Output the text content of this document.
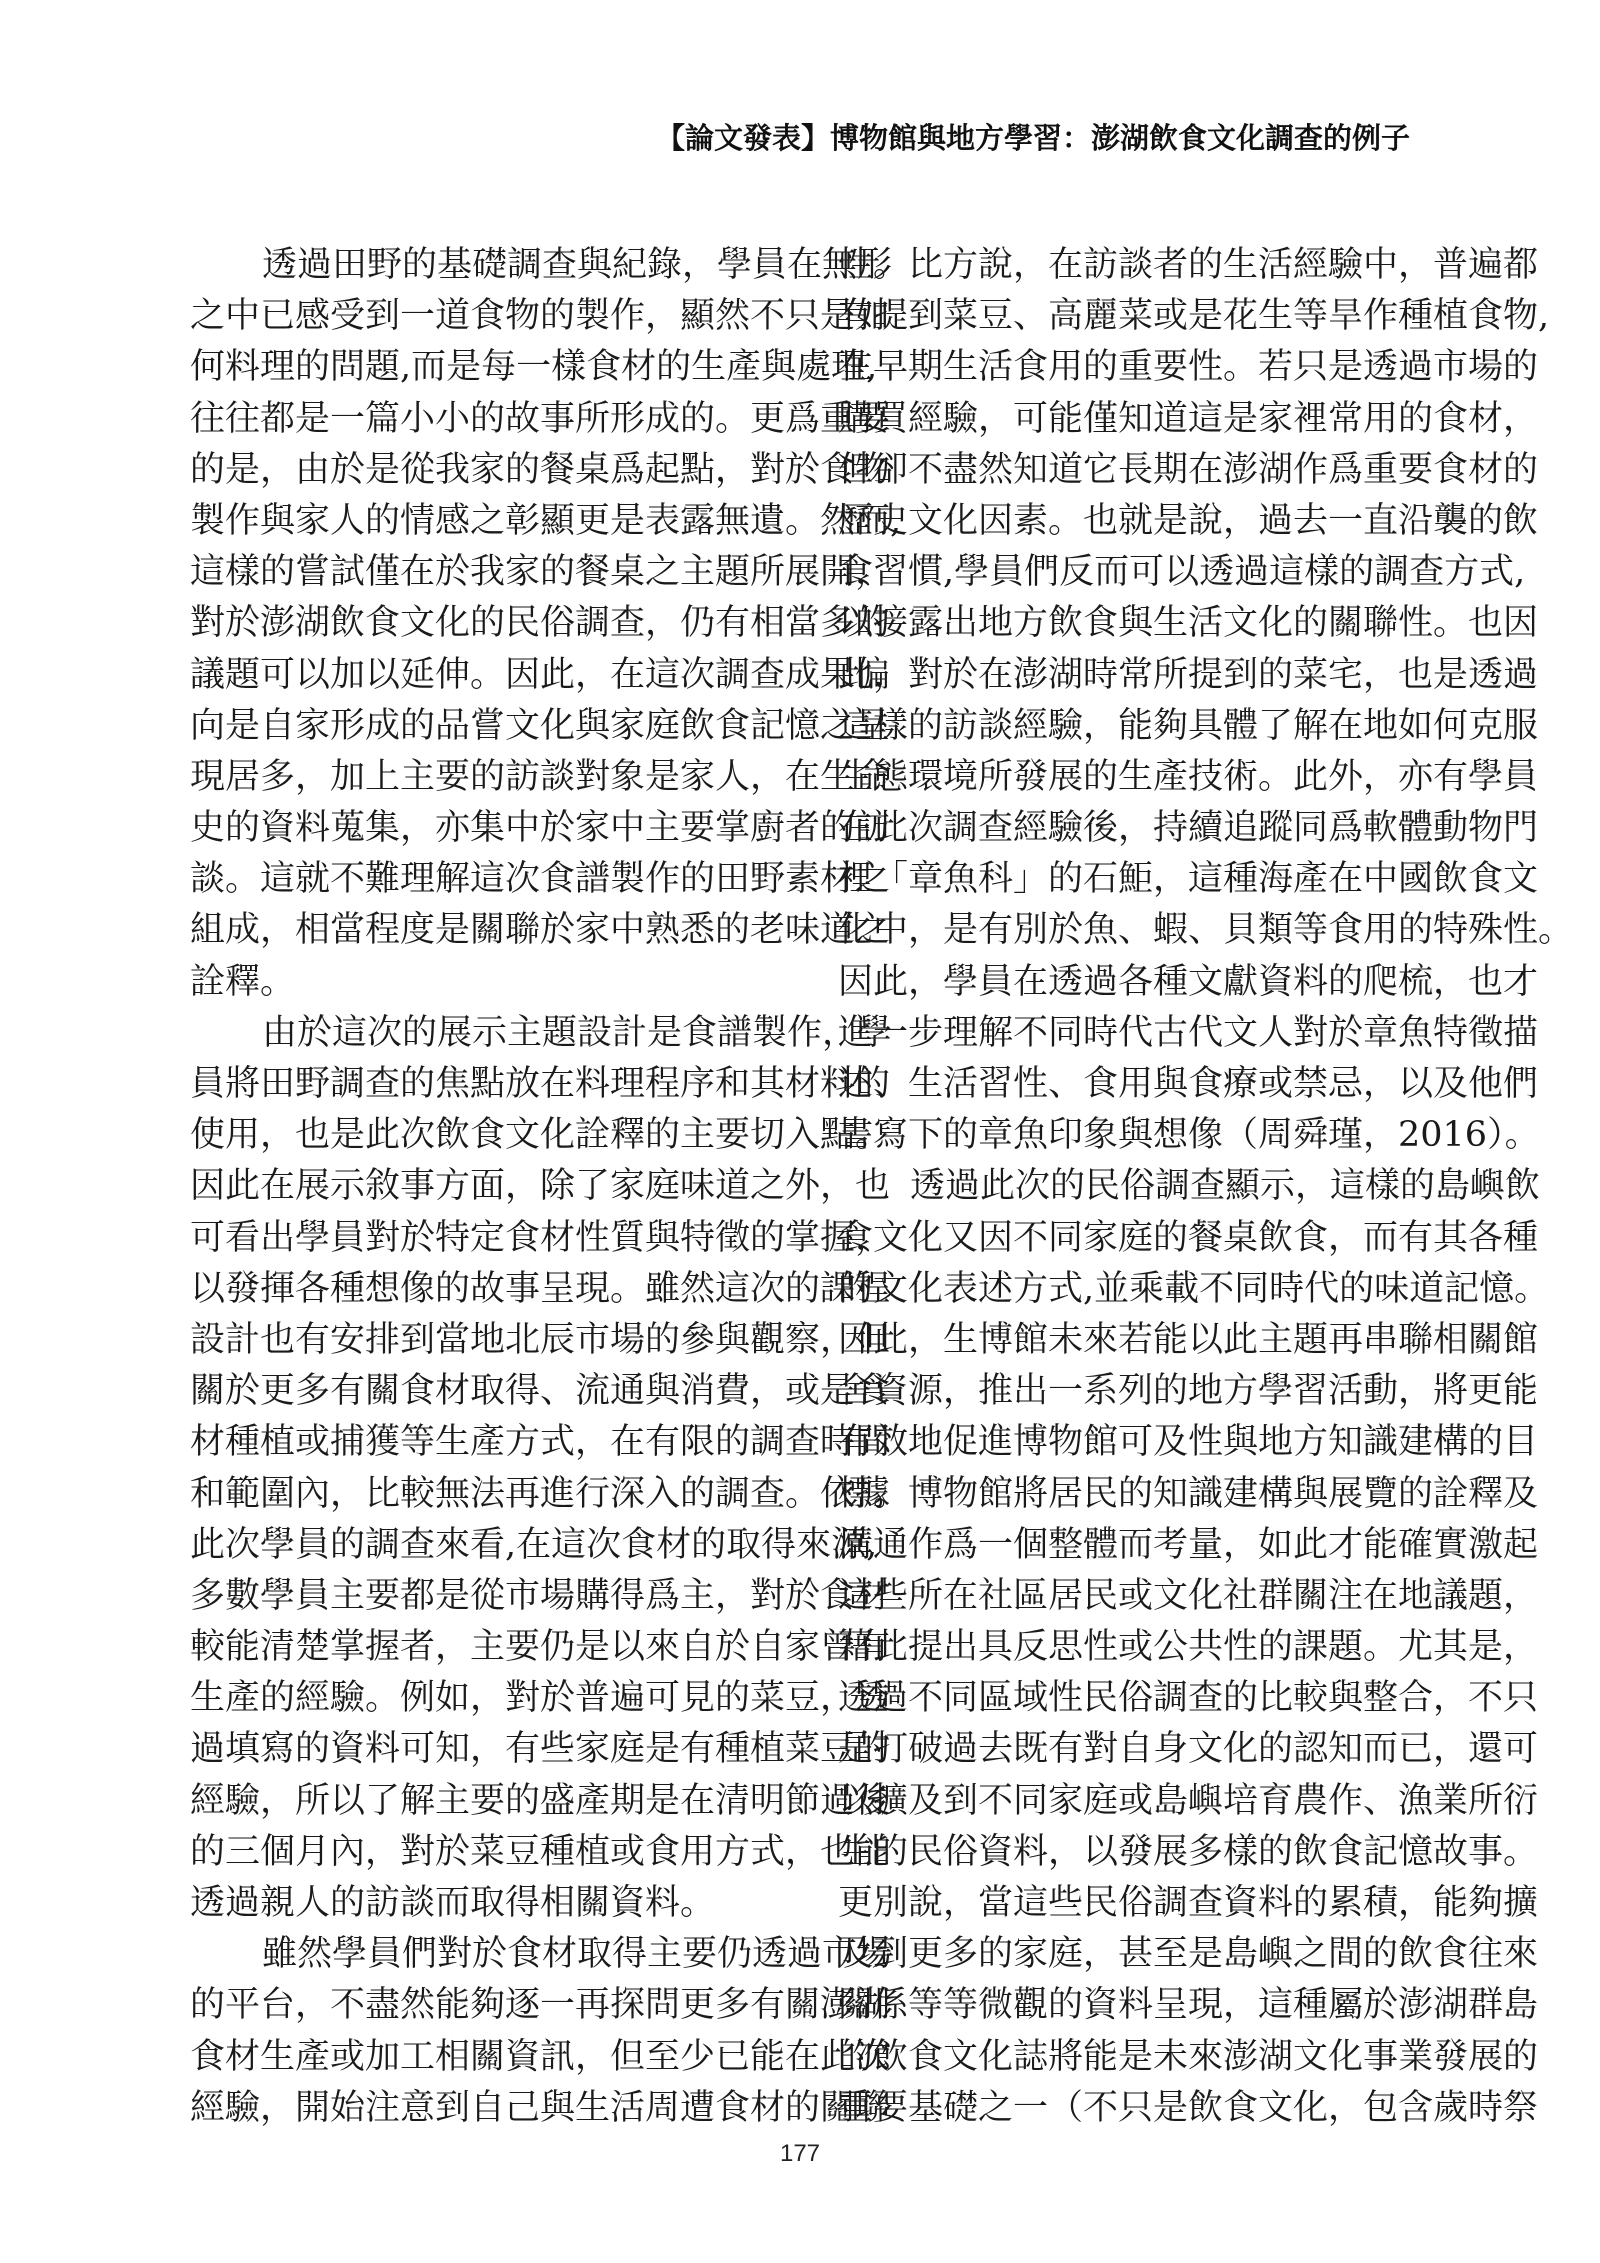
【論文發表】博物館與地方學習：澎湖飲食文化調查的例子
透過田野的基礎調查與紀錄，學員在無形
之中已感受到一道食物的製作，顯然不只是如
何料理的問題,而是每一樣食材的生產與處理,
往往都是一篇小小的故事所形成的。更爲重要
的是，由於是從我家的餐桌爲起點，對於食物
製作與家人的情感之彰顯更是表露無遺。然而,
這樣的嘗試僅在於我家的餐桌之主題所展開，
對於澎湖飲食文化的民俗調查，仍有相當多的
議題可以加以延伸。因此，在這次調查成果偏
向是自家形成的品嘗文化與家庭飲食記憶之呈
現居多，加上主要的訪談對象是家人，在生命
史的資料蒐集，亦集中於家中主要掌廚者的訪
談。這就不難理解這次食譜製作的田野素材之
組成，相當程度是關聯於家中熟悉的老味道之
詮釋。
由於這次的展示主題設計是食譜製作，學
員將田野調查的焦點放在料理程序和其材料的
使用，也是此次飲食文化詮釋的主要切入點。
因此在展示敘事方面，除了家庭味道之外，也
可看出學員對於特定食材性質與特徵的掌握，
以發揮各種想像的故事呈現。雖然這次的課程
設計也有安排到當地北辰市場的參與觀察，但
關於更多有關食材取得、流通與消費，或是食
材種植或捕獲等生產方式，在有限的調查時間
和範圍內，比較無法再進行深入的調查。依據
此次學員的調查來看,在這次食材的取得來源,
多數學員主要都是從市場購得爲主，對於食材
較能清楚掌握者，主要仍是以來自於自家曾有
生產的經驗。例如，對於普遍可見的菜豆，透
過填寫的資料可知，有些家庭是有種植菜豆的
經驗，所以了解主要的盛產期是在清明節過後
的三個月內，對於菜豆種植或食用方式，也能
透過親人的訪談而取得相關資料。
雖然學員們對於食材取得主要仍透過市場
的平台，不盡然能夠逐一再探問更多有關澎湖
食材生產或加工相關資訊，但至少已能在此次
經驗，開始注意到自己與生活周遭食材的關聯
性。比方說，在訪談者的生活經驗中，普遍都
有提到菜豆、高麗菜或是花生等旱作種植食物,
在早期生活食用的重要性。若只是透過市場的
購買經驗，可能僅知道這是家裡常用的食材，
但卻不盡然知道它長期在澎湖作爲重要食材的
歷史文化因素。也就是說，過去一直沿襲的飲
食習慣,學員們反而可以透過這樣的調查方式,
以接露出地方飲食與生活文化的關聯性。也因
此，對於在澎湖時常所提到的菜宅，也是透過
這樣的訪談經驗，能夠具體了解在地如何克服
生態環境所發展的生產技術。此外，亦有學員
在此次調查經驗後，持續追蹤同爲軟體動物門
裡「章魚科」的石鮔，這種海產在中國飲食文
化中，是有別於魚、蝦、貝類等食用的特殊性。
因此，學員在透過各種文獻資料的爬梳，也才
進一步理解不同時代古代文人對於章魚特徵描
述、生活習性、食用與食療或禁忌，以及他們
書寫下的章魚印象與想像（周舜瑾，2016）。
透過此次的民俗調查顯示，這樣的島嶼飲
食文化又因不同家庭的餐桌飲食，而有其各種
的文化表述方式,並乘載不同時代的味道記憶。
因此，生博館未來若能以此主題再串聯相關館
舍資源，推出一系列的地方學習活動，將更能
有效地促進博物館可及性與地方知識建構的目
標。博物館將居民的知識建構與展覽的詮釋及
溝通作爲一個整體而考量，如此才能確實激起
這些所在社區居民或文化社群關注在地議題，
藉此提出具反思性或公共性的課題。尤其是，
透過不同區域性民俗調查的比較與整合，不只
是打破過去既有對自身文化的認知而已，還可
以擴及到不同家庭或島嶼培育農作、漁業所衍
生的民俗資料，以發展多樣的飲食記憶故事。
更別說，當這些民俗調查資料的累積，能夠擴
及到更多的家庭，甚至是島嶼之間的飲食往來
關係等等微觀的資料呈現，這種屬於澎湖群島
的飲食文化誌將能是未來澎湖文化事業發展的
重要基礎之一（不只是飲食文化，包含歲時祭
177
